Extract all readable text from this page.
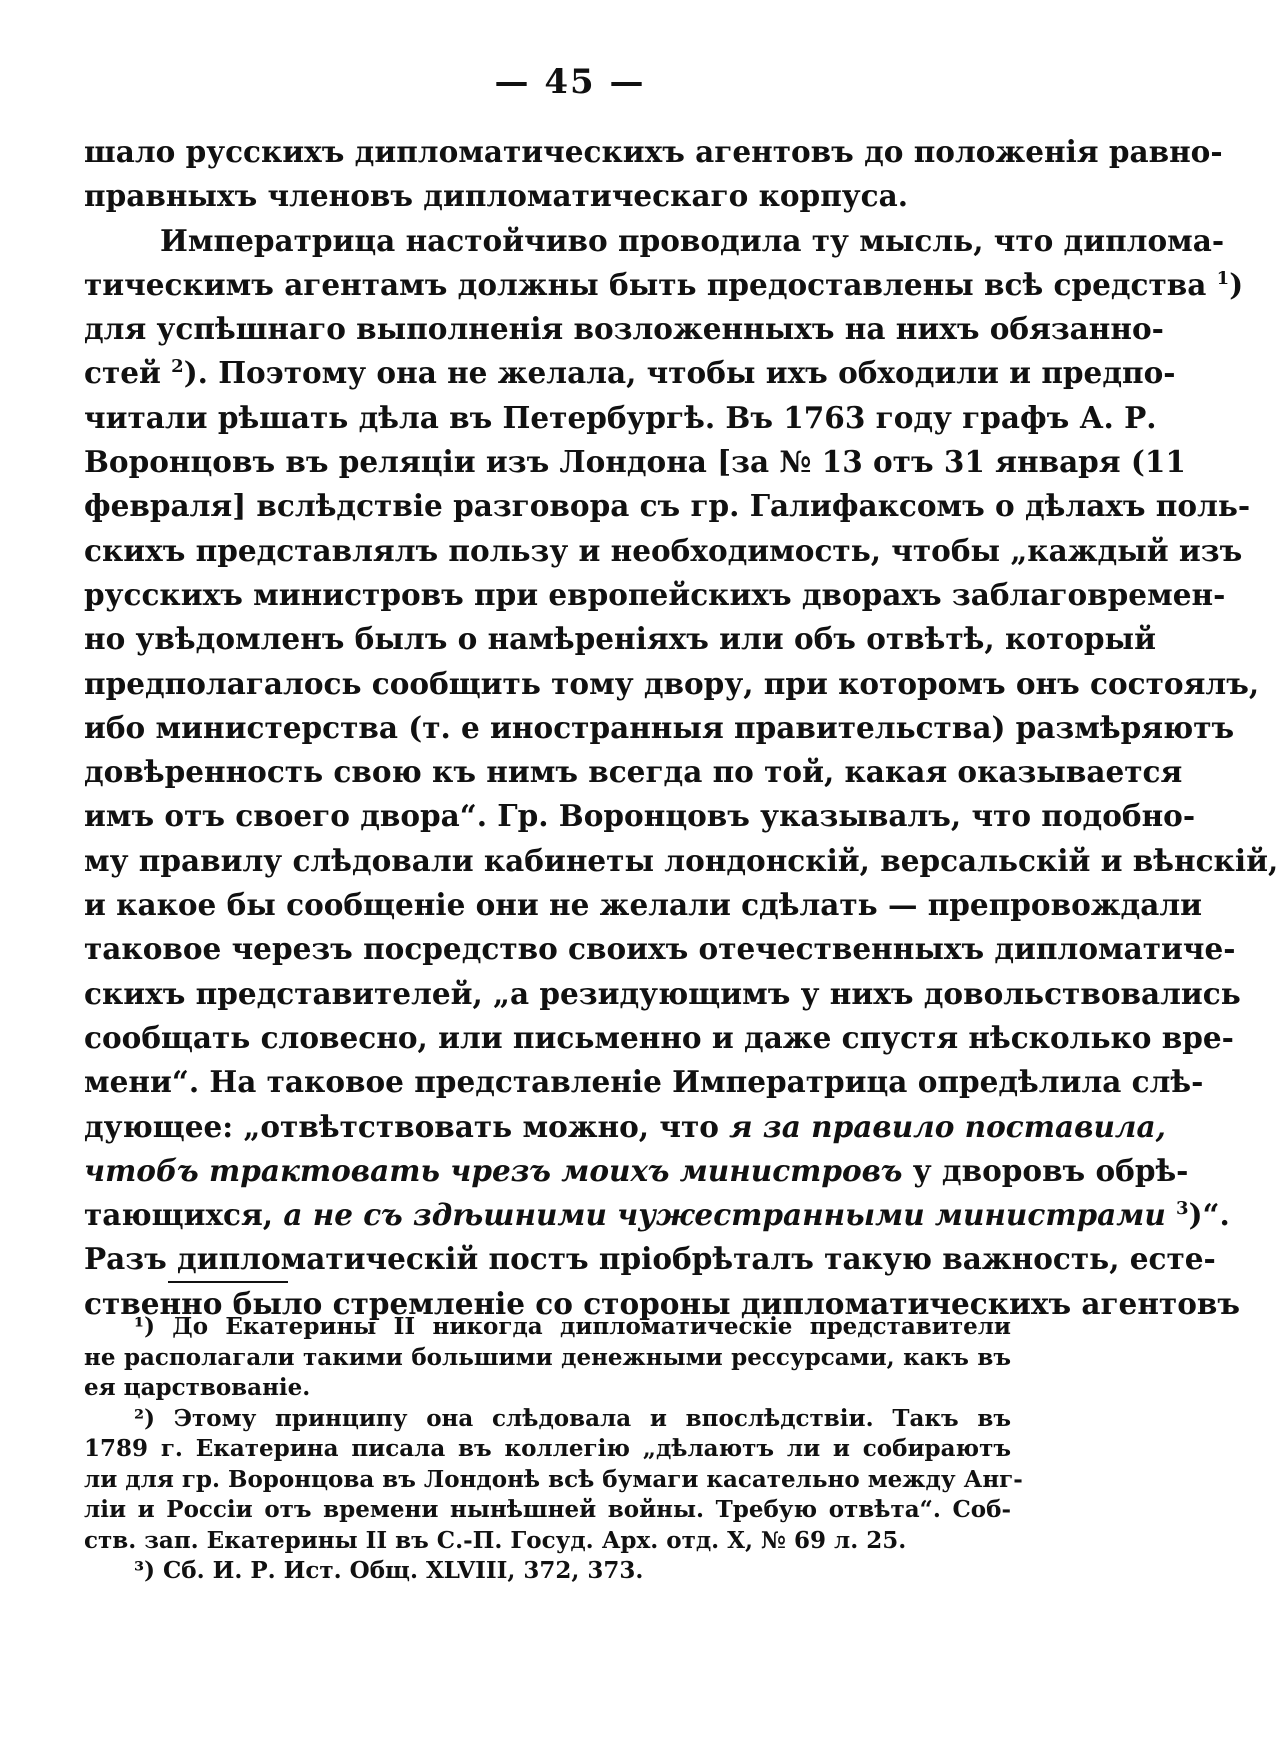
— 45 —
шало русскихъ дипломатическихъ агентовъ до положенія равно-
правныхъ членовъ дипломатическаго корпуса.
Императрица настойчиво проводила ту мысль, что диплома-
тическимъ агентамъ должны быть предоставлены всѣ средства $^1$)
для успѣшнаго выполненія возложенныхъ на нихъ обязанно-
стей $^2$). Поэтому она не желала, чтобы ихъ обходили и предпо-
читали рѣшать дѣла въ Петербургѣ. Въ 1763 году графъ А. Р.
Воронцовъ въ реляціи изъ Лондона [за № 13 отъ 31 января (11
февраля] вслѣдствіе разговора съ гр. Галифаксомъ о дѣлахъ поль-
скихъ представлялъ пользу и необходимость, чтобы „каждый изъ
русскихъ министровъ при европейскихъ дворахъ заблаговремен-
но увѣдомленъ былъ о намѣреніяхъ или объ отвѣтѣ, который
предполагалось сообщить тому двору, при которомъ онъ состоялъ,
ибо министерства (т. е иностранныя правительства) размѣряютъ
довѣренность свою къ нимъ всегда по той, какая оказывается
имъ отъ своего двора“. Гр. Воронцовъ указывалъ, что подобно-
му правилу слѣдовали кабинеты лондонскій, версальскій и вѣнскій,
и какое бы сообщеніе они не желали сдѣлать — препровождали
таковое черезъ посредство своихъ отечественныхъ дипломатиче-
скихъ представителей, „а резидующимъ у нихъ довольствовались
сообщать словесно, или письменно и даже спустя нѣсколько вре-
мени“. На таковое представленіе Императрица опредѣлила слѣ-
дующее: „отвѣтствовать можно, что я за правило поставила,
чтобъ трактовать чрезъ моихъ министровъ у дворовъ обрѣ-
тающихся, а не съ здѣшними чужестранными министрами $^3$)“.
Разъ дипломатическій постъ пріобрѣталъ такую важность, есте-
ственно было стремленіе со стороны дипломатическихъ агентовъ
¹) До Екатерины II никогда дипломатическіе представители
не располагали такими большими денежными рессурсами, какъ въ
ея царствованіе.
²) Этому принципу она слѣдовала и впослѣдствіи. Такъ въ
1789 г. Екатерина писала въ коллегію „дѣлаютъ ли и собираютъ
ли для гр. Воронцова въ Лондонѣ всѣ бумаги касательно между Анг-
ліи и Россіи отъ времени нынѣшней войны. Требую отвѣта“. Соб-
ств. зап. Екатерины II въ С.-П. Госуд. Арх. отд. X, № 69 л. 25.
³) Сб. И. Р. Ист. Общ. XLVIII, 372, 373.
